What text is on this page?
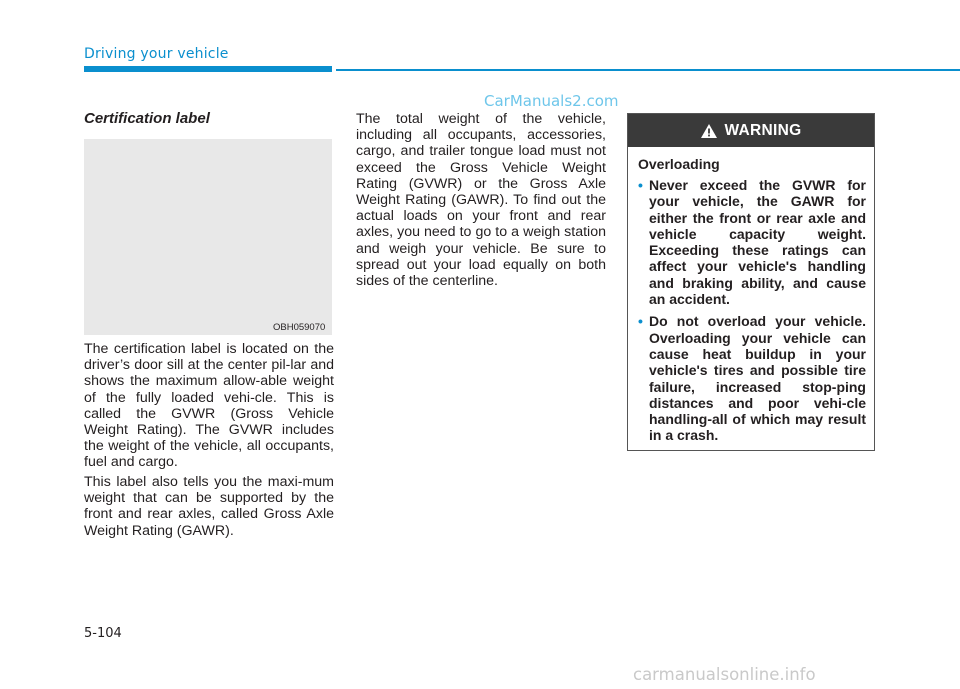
Driving your vehicle
CarManuals2.com
Certification label
OBH059070

The certification label is located on the driver’s door sill at the center pil-lar and shows the maximum allow-able weight of the fully loaded vehi-cle. This is called the GVWR (Gross Vehicle Weight Rating). The GVWR includes the weight of the vehicle, all occupants, fuel and cargo.

This label also tells you the maxi-mum weight that can be supported by the front and rear axles, called Gross Axle Weight Rating (GAWR).

The total weight of the vehicle, including all occupants, accessories, cargo, and trailer tongue load must not exceed the Gross Vehicle Weight Rating (GVWR) or the Gross Axle Weight Rating (GAWR). To find out the actual loads on your front and rear axles, you need to go to a weigh station and weigh your vehicle. Be sure to spread out your load equally on both sides of the centerline.

WARNING

Overloading

• Never exceed the GVWR for your vehicle, the GAWR for either the front or rear axle and vehicle capacity weight. Exceeding these ratings can affect your vehicle's handling and braking ability, and cause an accident.
• Do not overload your vehicle. Overloading your vehicle can cause heat buildup in your vehicle's tires and possible tire failure, increased stop-ping distances and poor vehi-cle handling-all of which may result in a crash.
5-104
carmanualsonline.info
